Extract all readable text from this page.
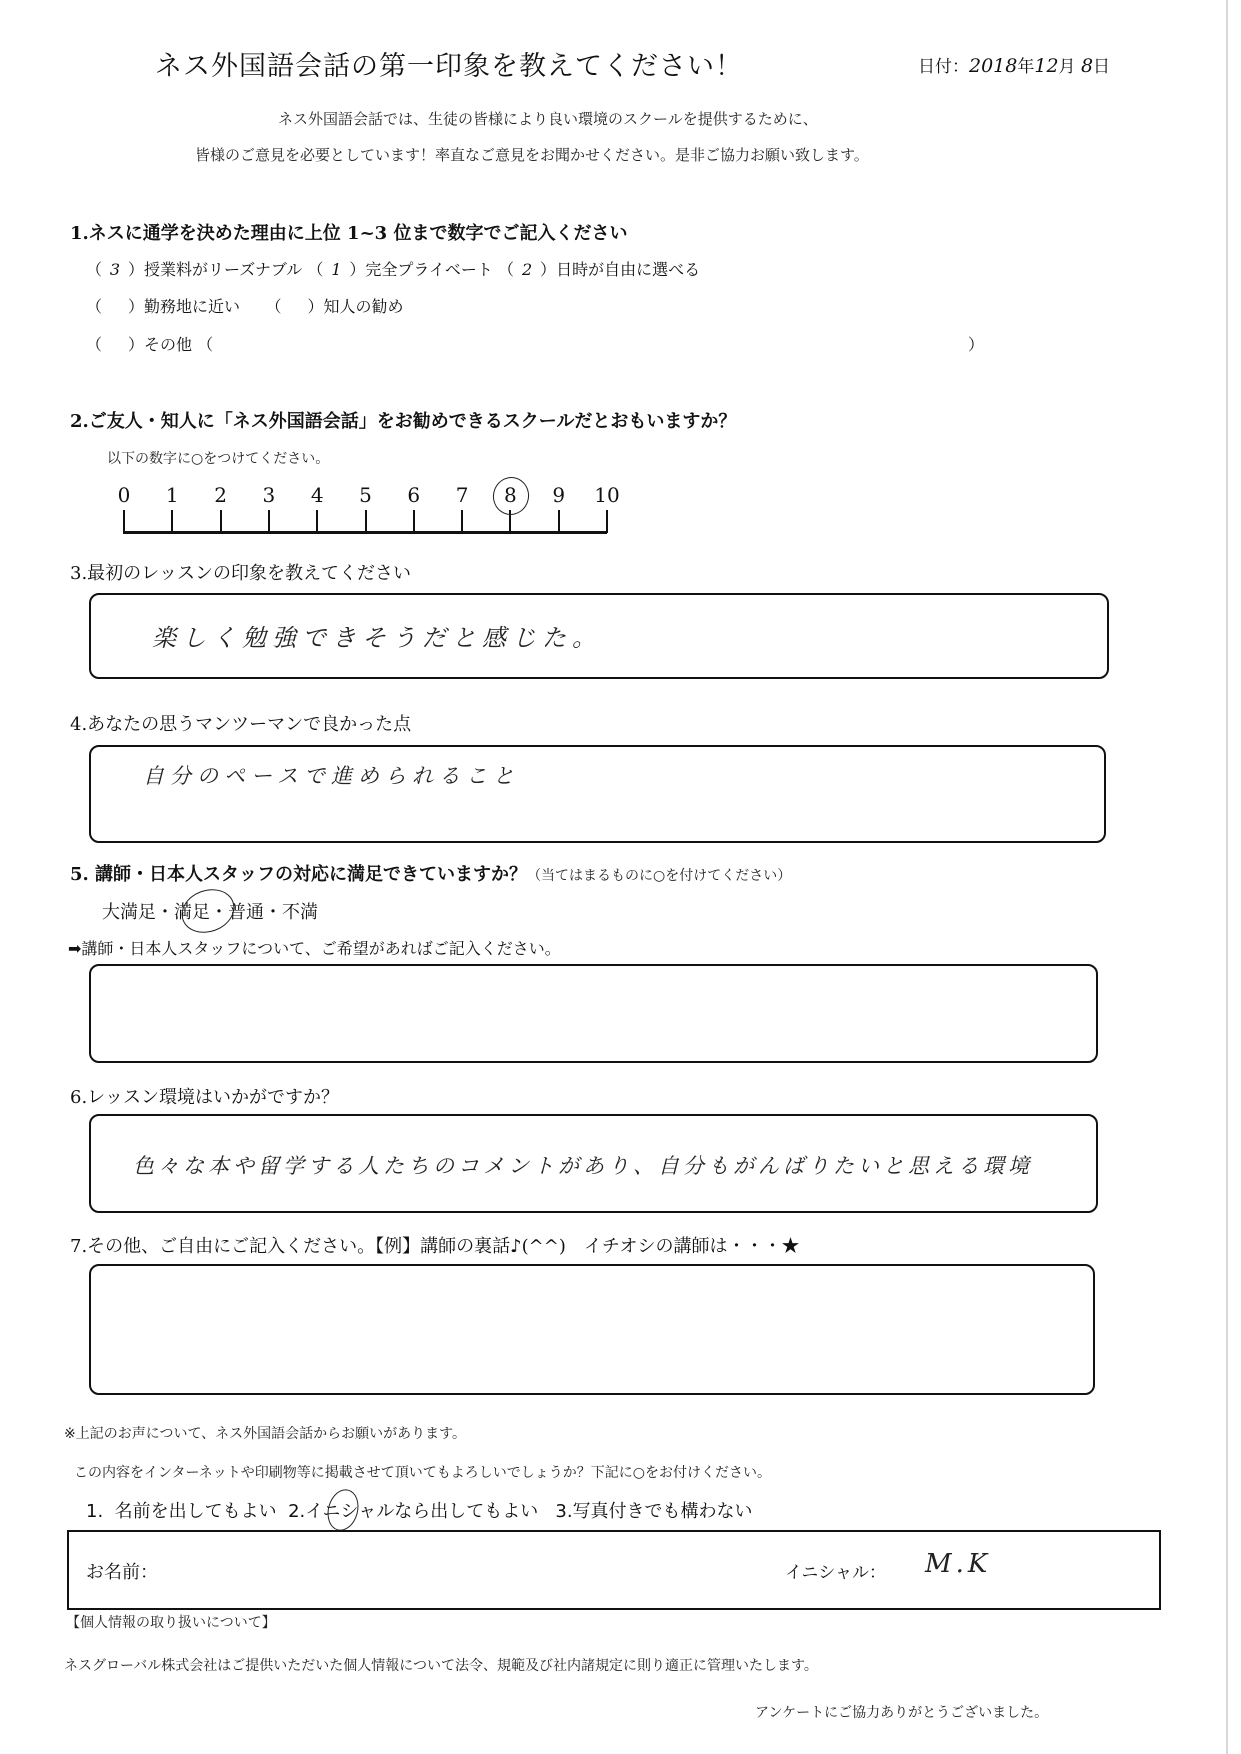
ネス外国語会話の第一印象を教えてください！	日付：2018年12月 8日
ネス外国語会話では、生徒の皆様により良い環境のスクールを提供するために、
皆様のご意見を必要としています！率直なご意見をお聞かせください。是非ご協力お願い致します。
1.ネスに通学を決めた理由に上位 1~3 位まで数字でご記入ください
（ 3 ）授業料がリーズナブル （ 1 ）完全プライベート （ 2 ）日時が自由に選べる
（ ）勤務地に近い （ ）知人の勧め
（ ）その他 （	）
2.ご友人・知人に「ネス外国語会話」をお勧めできるスクールだとおもいますか？
以下の数字に○をつけてください。
0 1 2 3 4 5 6 7 8 9 10
3.最初のレッスンの印象を教えてください
楽しく勉強できそうだと感じた。
4.あなたの思うマンツーマンで良かった点
自分のペースで進められること
5. 講師・日本人スタッフの対応に満足できていますか？（当てはまるものに○を付けてください）
大満足・満足・普通・不満
➡講師・日本人スタッフについて、ご希望があればご記入ください。
6.レッスン環境はいかがですか？
色々な本や留学する人たちのコメントがあり、自分もがんばりたいと思える環境
7.その他、ご自由にご記入ください。【例】講師の裏話♪(^^)　イチオシの講師は・・・★
※上記のお声について、ネス外国語会話からお願いがあります。
この内容をインターネットや印刷物等に掲載させて頂いてもよろしいでしょうか？下記に○をお付けください。
1. 名前を出してもよい 2.イニシャルなら出してもよい 3.写真付きでも構わない
お名前：	イニシャル： M.K
【個人情報の取り扱いについて】
ネスグローバル株式会社はご提供いただいた個人情報について法令、規範及び社内諸規定に則り適正に管理いたします。
アンケートにご協力ありがとうございました。
